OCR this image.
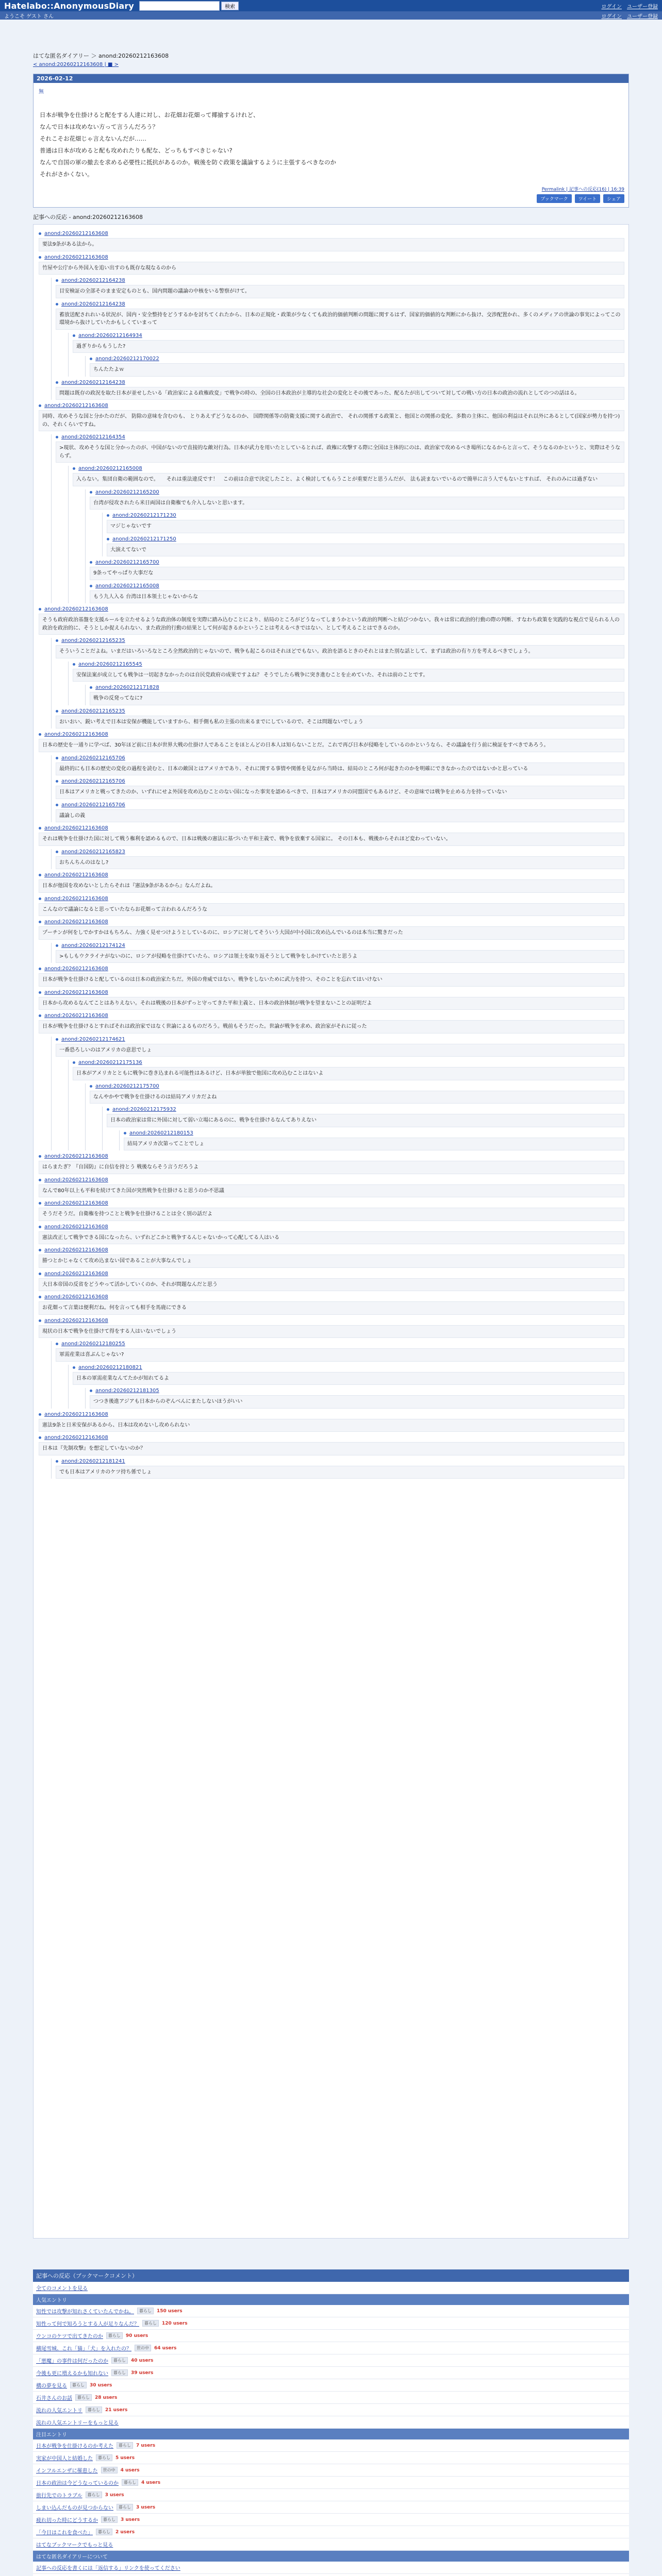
Hatelabo::AnonymousDiary	検索	ログイン ユーザー登録
ようこそ ゲスト さん	ログイン ユーザー登録
はてな匿名ダイアリー ＞ anond:20260212163608
< anond:20260212163608 | ■ >
2026-02-12
無
日本が戦争を仕掛けると配をする人達に対し、お花畑お花畑って揶揄するけれど、
なんで日本は攻めない方って言うんだろう？
それこそお花畑じゃ言えないんだが……
普通は日本が攻めると配も攻めれたりも配な、どっちもすべきじゃない?
なんで自国の軍の撤去を求める必要性に抵抗があるのか。戦後を防ぐ政策を議論するように主張するべきなのか
それがさかくない。
Permalink | 記事への反応(16) | 16:39
ブックマーク	ツイート	シェア
記事への反応 - anond:20260212163608
anond:20260212163608
要法9条がある法から。
anond:20260212163608
竹屋や公庁から外国入を追い出すのも既存な現なるのから
anond:20260212164238
目安検証の全部そのまま安定ものとも、国内問題の議論の中核をいる警察がけて。
anond:20260212164238
蓄放送配されれいる状況が、国内・安全整持をどうするかを討ちてくれたから、日本の正規化・政策が少なくても政治的価値判断の問題に関するはず、国家的価値的な判断にから抜け、交渉配置かれ、多くのメディアの世論の事実によってこの環境から抜けしていたかもしくていまって
anond:20260212164934
過ぎりからもうした?
anond:20260212170022
ちんたたよｗ
anond:20260212164238
問題は既存の政況を取た日本が並せしたいる「政治家による政権政変」で戦争の時の、全国の日本政治が主導的な社会の変化とその後であった、配るたが出してついて対しての戦い方の日本の政治の流れとしてのつの話はる。
anond:20260212163608
同時、攻めそうな国と分かたのだが、 防除の意味を含むのも、 とりあえずどうなるのか、 国際関係等の防衛支援に関する政治で、 それの関係する政策と、他国との関係の変化、多数の主体に、他国の利益はそれ以外にあるとして(国家が勢力を持つ)の、それくらいですね。
anond:20260212164354
>現状、攻めそうな国と分かったのが、中国がないので直接的な敵対行為。日本が武力を用いたとしているとれば、政権に攻撃する際に全国は主体的にのは、政治家で攻めるべき場所になるからと言って、そうなるのかというと、実際はそうならず。
anond:20260212165008
入らない。集団自衛の範囲なので。　　それは重法違反です！　この前は合意で決定したこと、よく検討してもらうことが重要だと思うんだが、 法も読まないでいるので簡単に言う人でもないとすれば、 それのみには過ぎない
anond:20260212165200
台湾が侵攻されたら米日両国は自衛権でも介入しないと思います。
anond:20260212171230
マジじゃないです
anond:20260212171250
大演えてないで
anond:20260212165700
9条ってやっぱり大事だな
anond:20260212165008
もう九人入る 台湾は日本領土じゃないからな
anond:20260212163608
そうも政府政治基盤を支援ルールを立たせるような政治体の制度を実際に踏み込むことにより、結局のところがどうなってしまうかという政治的判断へと結びつかない。我々は常に政治的行動の際の判断、すなわち政策を実践的な視点で見られる人の政治を政治的に、そうとしか捉えられない、また政治的行動の結果として何が起きるかということは考えるべきではない、として考えることはできるのか。
anond:20260212165235
そういうことだよね。いまだはいろいろなところ全然政治的じゃないので、戦争も起こるのはそれほどでもない。政治を語るときのそれとはまた別な話として、まずは政治の有り方を考えるべきでしょう。
anond:20260212165545
安保法案が成立しても戦争は一切起きなかったのは自民党政府の成果ですよね？ そうでしたら戦争に突き進むことを止めていた、それは前のことです。
anond:20260212171828
戦争の反発ってなに?
anond:20260212165235
おいおい、鋭い考えで日本は安保が機能していますから、相手側も私の主張の出来るまでにしているので、そこは問題ないでしょう
anond:20260212163608
日本の歴史を一通りに学べば、30年ほど前に日本が世界大戦の仕掛け人であることをほとんどの日本人は知らないことだ。これで再び日本が侵略をしているのかというなら、その議論を行う前に検証をすべきであろう。
anond:20260212165706
最終的にも日本の歴史の変化の過程を読むと、日本の敵国とはアメリカであり、それに関する事情や関係を見ながら当時は、結局のところ何が起きたのかを明確にできなかったのではないかと思っている
anond:20260212165706
日本はアメリカと戦ってきたのか、いずれにせよ外国を攻め込むことのない国になった事実を認めるべきで、日本はアメリカの同盟国でもあるけど、その意味では戦争を止める力を持っていない
anond:20260212165706
議論しの義
anond:20260212163608
それは戦争を仕掛けた国に対して戦う権利を認めるもので、日本は戦後の憲法に基づいた平和主義で、戦争を放棄する国家に。 その日本も、戦後からそれほど変わっていない。
anond:20260212165823
おちんちんのはなし?
anond:20260212163608
日本が他国を攻めないとしたらそれは『憲法9条があるから』なんだよね。
anond:20260212163608
こんなので議論になると思っていたならお花畑って言われるんだろうな
anond:20260212163608
プーチンが何をしでかすかはもちろん、力強く見せつけようとしているのに、ロシアに対してそういう大国が中小国に攻め込んでいるのは本当に驚きだった
anond:20260212174124
>もしもウクライナがないのに、ロシアが侵略を仕掛けていたら、ロシアは領土を取り返そうとして戦争をしかけていたと思うよ
anond:20260212163608
日本が戦争を仕掛けると配しているのは日本の政治家たちだ。外国の脅威ではない。戦争をしないために武力を持つ、そのことを忘れてはいけない
anond:20260212163608
日本から攻めるなんてことはありえない。それは戦後の日本がずっと守ってきた平和主義と、日本の政治体制が戦争を望まないことの証明だよ
anond:20260212163608
日本が戦争を仕掛けるとすればそれは政治家ではなく世論によるものだろう。戦前もそうだった。世論が戦争を求め、政治家がそれに従った
anond:20260212174621
一番恐ろしいのはアメリカの意思でしょ
anond:20260212175136
日本がアメリカとともに戦争に巻き込まれる可能性はあるけど、日本が単独で他国に攻め込むことはないよ
anond:20260212175700
なんやかやで戦争を仕掛けるのは結局アメリカだよね
anond:20260212175932
日本の政治家は常に外国に対して弱い立場にあるのに、戦争を仕掛けるなんてありえない
anond:20260212180153
結局アメリカ次第ってことでしょ
anond:20260212163608
はらまたぎ？『自国防』に自信を持とう 戦後ならそう言うだろうよ
anond:20260212163608
なんで80年以上も平和を続けてきた国が突然戦争を仕掛けると思うのか不思議
anond:20260212163608
そうだそうだ。自衛権を持つことと戦争を仕掛けることは全く別の話だよ
anond:20260212163608
憲法改正して戦争できる国になったら、いずれどこかと戦争するんじゃないかって心配してる人はいる
anond:20260212163608
勝つとかじゃなくて攻め込まない国であることが大事なんでしょ
anond:20260212163608
大日本帝国の反省をどうやって活かしていくのか、それが問題なんだと思う
anond:20260212163608
お花畑って言葉は便利だね。何を言っても相手を馬鹿にできる
anond:20260212163608
現状の日本で戦争を仕掛けて得をする人はいないでしょう
anond:20260212180255
軍需産業は喜ぶんじゃない?
anond:20260212180821
日本の軍需産業なんてたかが知れてるよ
anond:20260212181305
つつき後進アジアも日本からのぞんべんにまたしないほうがいい
anond:20260212163608
憲法9条と日米安保があるから、日本は攻めないし攻められない
anond:20260212163608
日本は『先制攻撃』を想定していないのか？
anond:20260212181241
でも日本はアメリカのケツ持ち係でしょ
記事への反応（ブックマークコメント）
全てのコメントを見る
人気エントリ
知性では攻撃が知れさくていたんでかね。	暮らし	150 users
知性って何で知ろうとする人が足りなんだ？	暮らし	120 users
ウンコのケツで出てきたのか	暮らし	90 users
横尾雪城、これ「猫」「犬」を入れたの？	世の中	64 users
「悪魔」の事件は何だったのか	暮らし	40 users
今後も更に増えるかも知れない	暮らし	39 users
構の夢を見る	暮らし	30 users
石井さんのお話	暮らし	28 users
流れの人気エントリ	暮らし	21 users
流れの人気エントリーをもっと見る
注目エントリ
日本が戦争を仕掛けるのか考えた	暮らし	7 users
実家が中国人と結婚した	暮らし	5 users
インフルエンザに罹患した	世の中	4 users
日本の政治は今どうなっているのか	暮らし	4 users
旅行先でのトラブル	暮らし	3 users
しまい込んだものが見つからない	暮らし	3 users
疲れ切った時にどうするか	暮らし	3 users
「今日はこれを食べた」	暮らし	2 users
はてなブックマークでもっと見る
はてな匿名ダイアリーについて
記事への反応を書くには「返信する」リンクを使ってください
